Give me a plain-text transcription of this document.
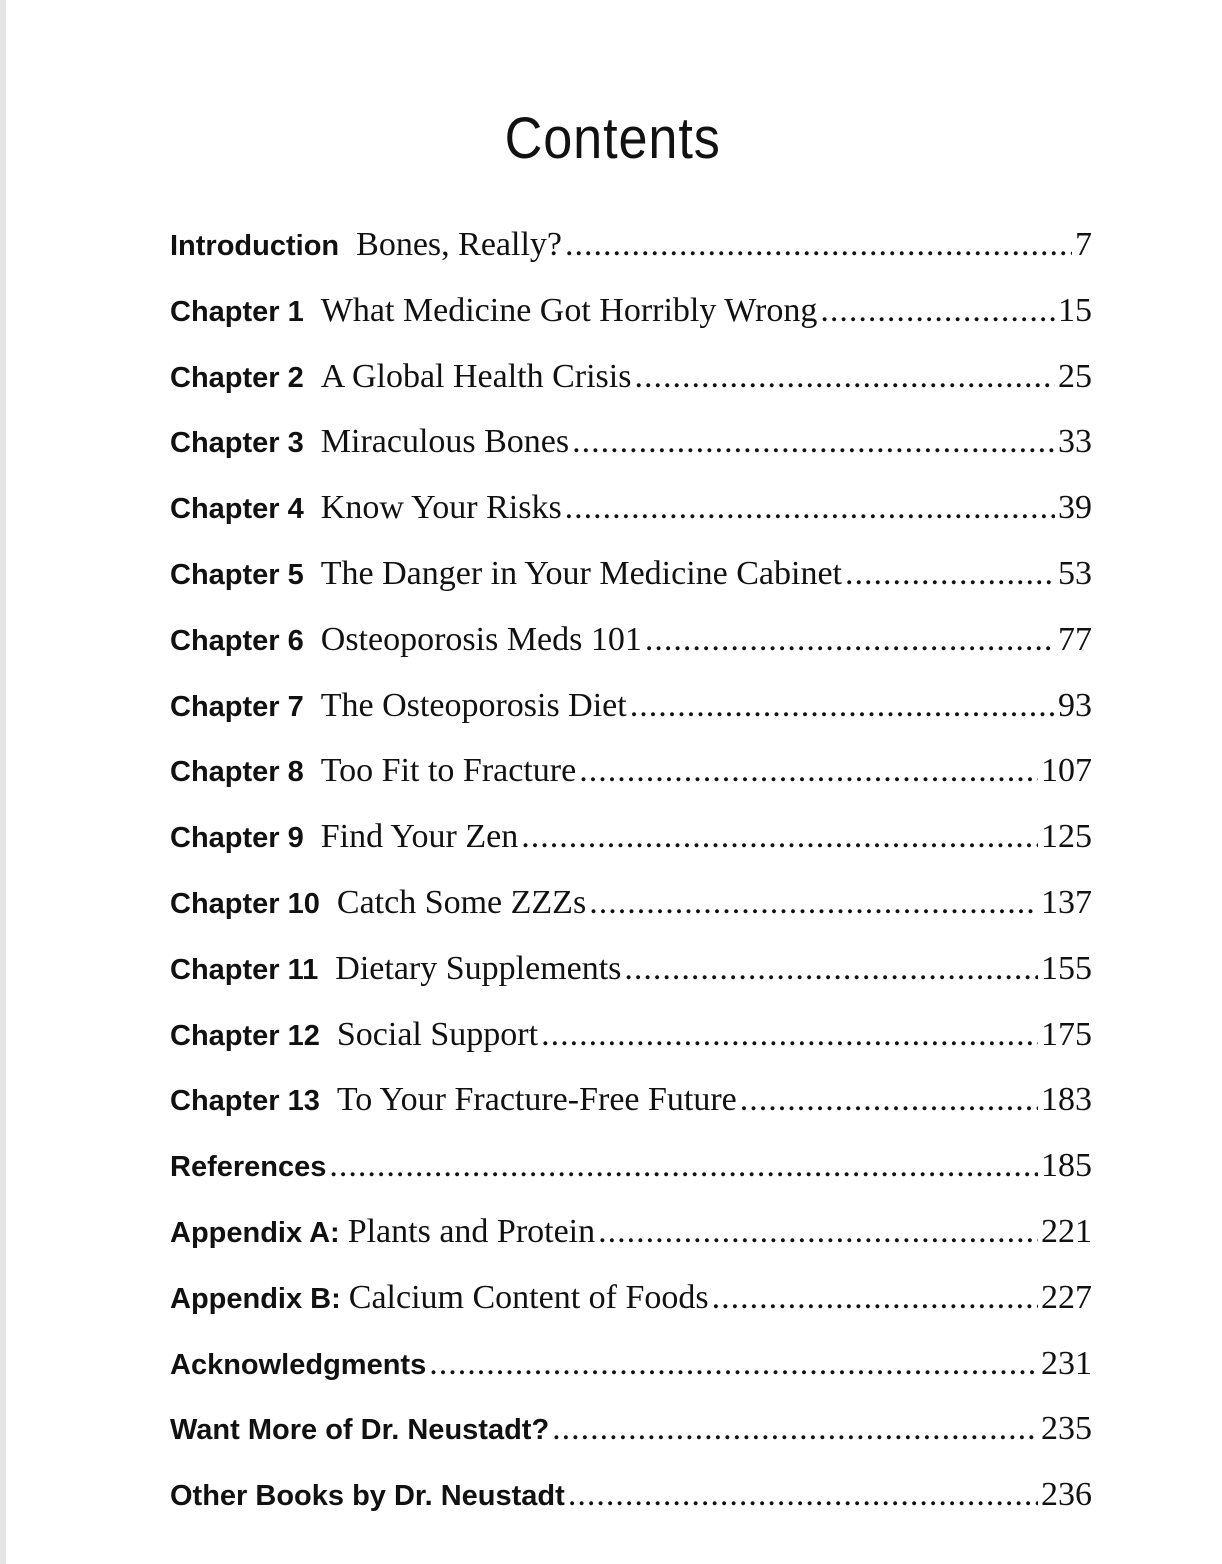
Contents
Introduction Bones, Really? .....	7
Chapter 1 What Medicine Got Horribly Wrong .....	15
Chapter 2 A Global Health Crisis .....	25
Chapter 3 Miraculous Bones .....	33
Chapter 4 Know Your Risks .....	39
Chapter 5 The Danger in Your Medicine Cabinet .....	53
Chapter 6 Osteoporosis Meds 101 .....	77
Chapter 7 The Osteoporosis Diet .....	93
Chapter 8 Too Fit to Fracture .....	107
Chapter 9 Find Your Zen .....	125
Chapter 10 Catch Some ZZZs .....	137
Chapter 11 Dietary Supplements .....	155
Chapter 12 Social Support .....	175
Chapter 13 To Your Fracture-Free Future .....	183
References .....	185
Appendix A: Plants and Protein .....	221
Appendix B: Calcium Content of Foods .....	227
Acknowledgments .....	231
Want More of Dr. Neustadt? .....	235
Other Books by Dr. Neustadt .....	236
